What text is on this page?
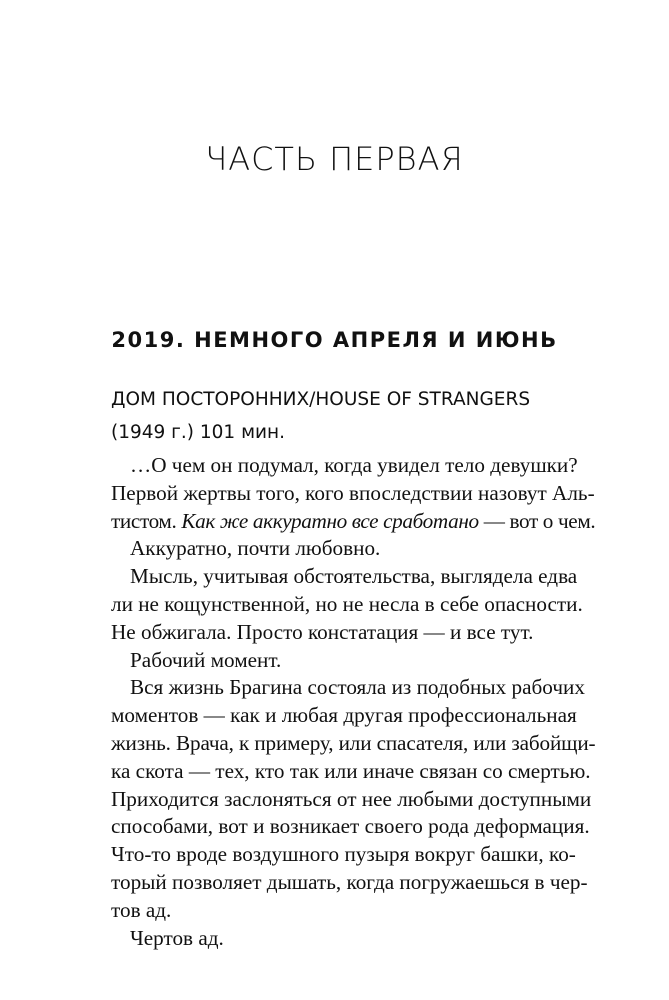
ЧАСТЬ ПЕРВАЯ
2019. НЕМНОГО АПРЕЛЯ И ИЮНЬ
ДОМ ПОСТОРОННИХ/HOUSE OF STRANGERS
(1949 г.) 101 мин.
…О чем он подумал, когда увидел тело девушки?
Первой жертвы того, кого впоследствии назовут Аль-
тистом. Как же аккуратно все сработано — вот о чем.
Аккуратно, почти любовно.
Мысль, учитывая обстоятельства, выглядела едва
ли не кощунственной, но не несла в себе опасности.
Не обжигала. Просто констатация — и все тут.
Рабочий момент.
Вся жизнь Брагина состояла из подобных рабочих
моментов — как и любая другая профессиональная
жизнь. Врача, к примеру, или спасателя, или забойщи-
ка скота — тех, кто так или иначе связан со смертью.
Приходится заслоняться от нее любыми доступными
способами, вот и возникает своего рода деформация.
Что-то вроде воздушного пузыря вокруг башки, ко-
торый позволяет дышать, когда погружаешься в чер-
тов ад.
Чертов ад.
